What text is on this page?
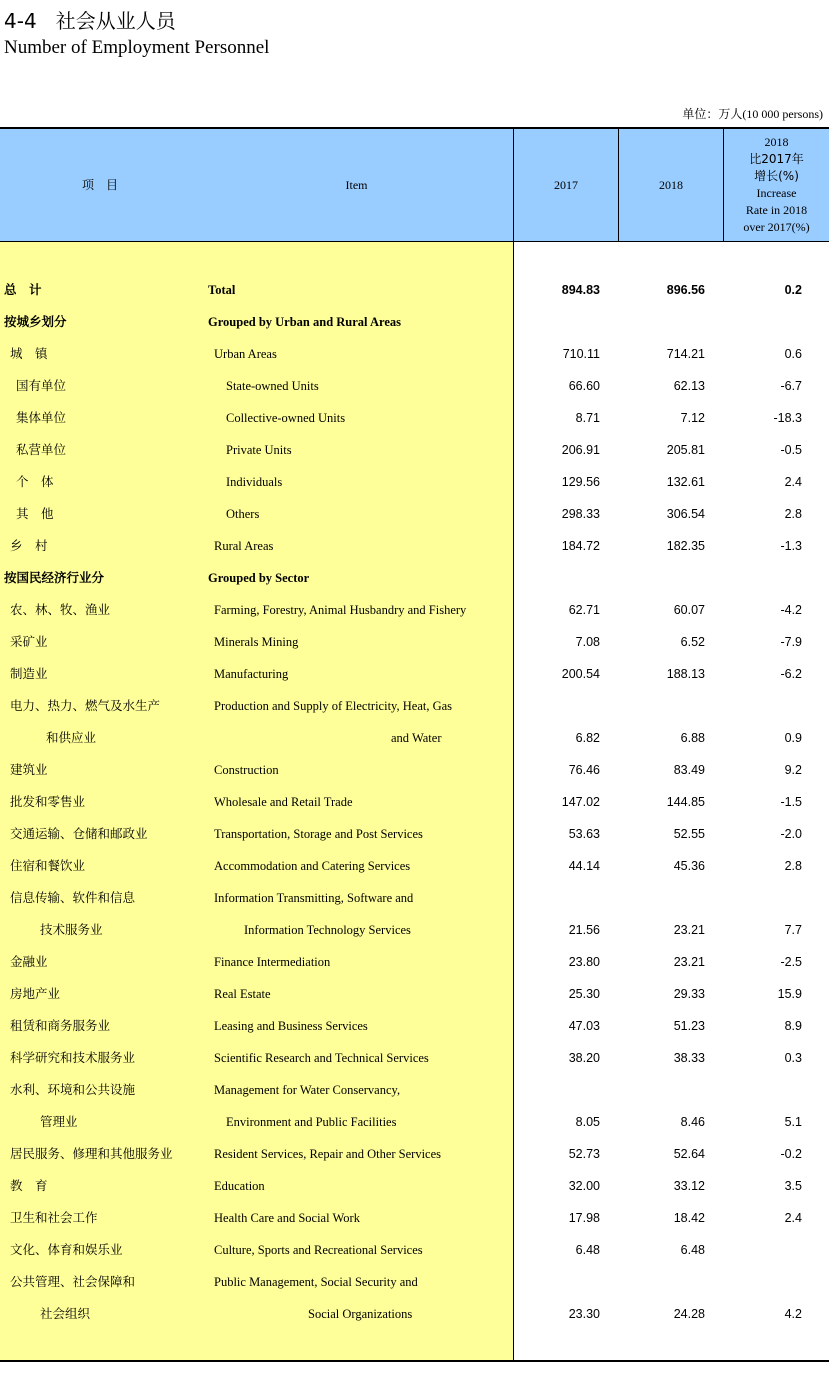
4-4 社会从业人员
Number of Employment Personnel
单位：万人(10 000 persons)
项　目	Item	2017	2018
2018
比2017年
增长(%)
Increase
Rate in 2018
over 2017(%)
总　计	Total	894.83	896.56	0.2
按城乡划分	Grouped by Urban and Rural Areas
城　镇	Urban Areas	710.11	714.21	0.6
国有单位	State-owned Units	66.60	62.13	-6.7
集体单位	Collective-owned Units	8.71	7.12	-18.3
私营单位	Private Units	206.91	205.81	-0.5
个　体	Individuals	129.56	132.61	2.4
其　他	Others	298.33	306.54	2.8
乡　村	Rural Areas	184.72	182.35	-1.3
按国民经济行业分	Grouped by Sector
农、林、牧、渔业	Farming, Forestry, Animal Husbandry and Fishery	62.71	60.07	-4.2
采矿业	Minerals Mining	7.08	6.52	-7.9
制造业	Manufacturing	200.54	188.13	-6.2
电力、热力、燃气及水生产	Production and Supply of Electricity, Heat, Gas
和供应业	and Water	6.82	6.88	0.9
建筑业	Construction	76.46	83.49	9.2
批发和零售业	Wholesale and Retail Trade	147.02	144.85	-1.5
交通运输、仓储和邮政业	Transportation, Storage and Post Services	53.63	52.55	-2.0
住宿和餐饮业	Accommodation and Catering Services	44.14	45.36	2.8
信息传输、软件和信息	Information Transmitting, Software and
技术服务业	Information Technology Services	21.56	23.21	7.7
金融业	Finance Intermediation	23.80	23.21	-2.5
房地产业	Real Estate	25.30	29.33	15.9
租赁和商务服务业	Leasing and Business Services	47.03	51.23	8.9
科学研究和技术服务业	Scientific Research and Technical Services	38.20	38.33	0.3
水利、环境和公共设施	Management for Water Conservancy,
管理业	Environment and Public Facilities	8.05	8.46	5.1
居民服务、修理和其他服务业	Resident Services, Repair and Other Services	52.73	52.64	-0.2
教　育	Education	32.00	33.12	3.5
卫生和社会工作	Health Care and Social Work	17.98	18.42	2.4
文化、体育和娱乐业	Culture, Sports and Recreational Services	6.48	6.48
公共管理、社会保障和	Public Management, Social Security and
社会组织	Social Organizations	23.30	24.28	4.2
